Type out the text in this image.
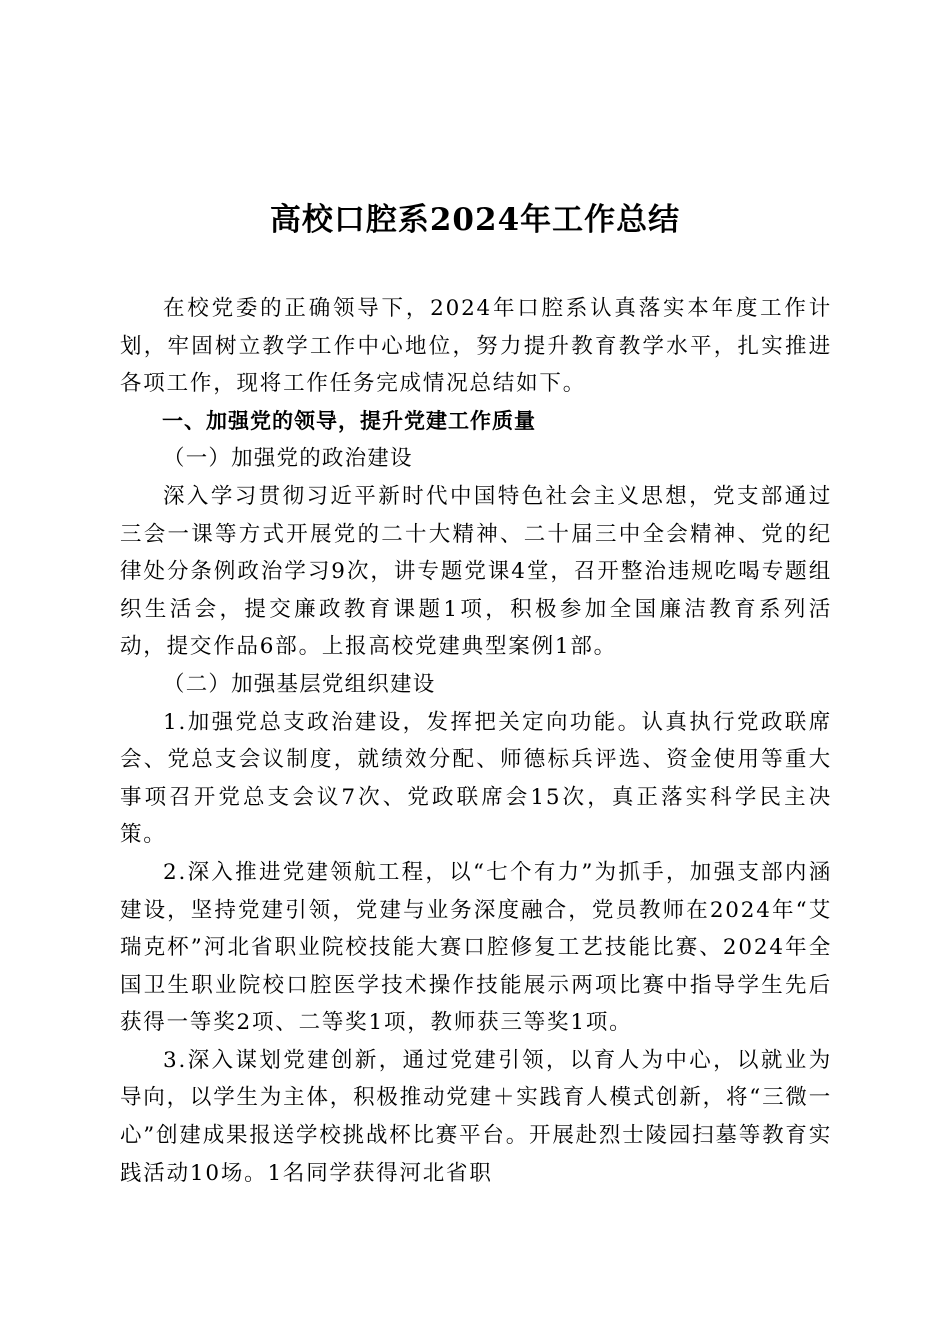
高校口腔系2024年工作总结

在校党委的正确领导下，2024年口腔系认真落实本年度工作计划，牢固树立教学工作中心地位，努力提升教育教学水平，扎实推进各项工作，现将工作任务完成情况总结如下。

一、加强党的领导，提升党建工作质量

（一）加强党的政治建设

深入学习贯彻习近平新时代中国特色社会主义思想，党支部通过三会一课等方式开展党的二十大精神、二十届三中全会精神、党的纪律处分条例政治学习9次，讲专题党课4堂，召开整治违规吃喝专题组织生活会，提交廉政教育课题1项，积极参加全国廉洁教育系列活动，提交作品6部。上报高校党建典型案例1部。

（二）加强基层党组织建设

1.加强党总支政治建设，发挥把关定向功能。认真执行党政联席会、党总支会议制度，就绩效分配、师德标兵评选、资金使用等重大事项召开党总支会议7次、党政联席会15次，真正落实科学民主决策。

2.深入推进党建领航工程，以“七个有力”为抓手，加强支部内涵建设，坚持党建引领，党建与业务深度融合，党员教师在2024年“艾瑞克杯”河北省职业院校技能大赛口腔修复工艺技能比赛、2024年全国卫生职业院校口腔医学技术操作技能展示两项比赛中指导学生先后获得一等奖2项、二等奖1项，教师获三等奖1项。

3.深入谋划党建创新，通过党建引领，以育人为中心，以就业为导向，以学生为主体，积极推动党建＋实践育人模式创新，将“三微一心”创建成果报送学校挑战杯比赛平台。开展赴烈士陵园扫墓等教育实践活动10场。1名同学获得河北省职
